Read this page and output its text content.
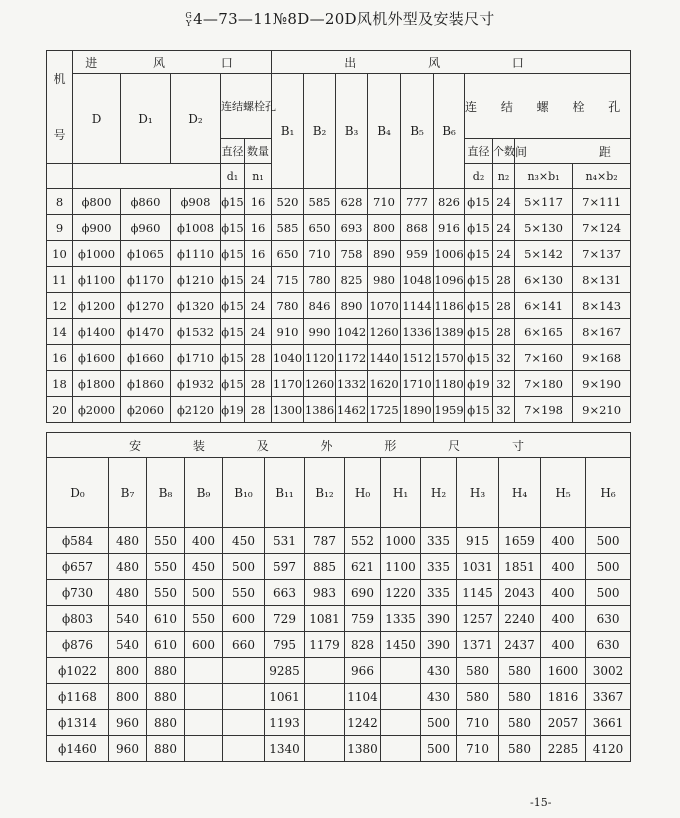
G
Y 4—73—11№8D—20D风机外型及安装尺寸
机
号	进 风 口					出 风 口									
	D	D₁	D₂	连结螺栓孔		B₁	B₂	B₃	B₄	B₅	B₆	连 结 螺 栓 孔			
				直径	数量							直径	个数	间 距	
				d₁	n₁							d₂	n₂	n₃×b₁	n₄×b₂
8	ϕ800	ϕ860	ϕ908	ϕ15	16	520	585	628	710	777	826	ϕ15	24	5×117	7×111
9	ϕ900	ϕ960	ϕ1008	ϕ15	16	585	650	693	800	868	916	ϕ15	24	5×130	7×124
10	ϕ1000	ϕ1065	ϕ1110	ϕ15	16	650	710	758	890	959	1006	ϕ15	24	5×142	7×137
11	ϕ1100	ϕ1170	ϕ1210	ϕ15	24	715	780	825	980	1048	1096	ϕ15	28	6×130	8×131
12	ϕ1200	ϕ1270	ϕ1320	ϕ15	24	780	846	890	1070	1144	1186	ϕ15	28	6×141	8×143
14	ϕ1400	ϕ1470	ϕ1532	ϕ15	24	910	990	1042	1260	1336	1389	ϕ15	28	6×165	8×167
16	ϕ1600	ϕ1660	ϕ1710	ϕ15	28	1040	1120	1172	1440	1512	1570	ϕ15	32	7×160	9×168
18	ϕ1800	ϕ1860	ϕ1932	ϕ15	28	1170	1260	1332	1620	1710	1180	ϕ19	32	7×180	9×190
20	ϕ2000	ϕ2060	ϕ2120	ϕ19	28	1300	1386	1462	1725	1890	1959	ϕ15	32	7×198	9×210
安 装 及 外 形 尺 寸													
D₀	B₇	B₈	B₉	B₁₀	B₁₁	B₁₂	H₀	H₁	H₂	H₃	H₄	H₅	H₆
ϕ584	480	550	400	450	531	787	552	1000	335	915	1659	400	500
ϕ657	480	550	450	500	597	885	621	1100	335	1031	1851	400	500
ϕ730	480	550	500	550	663	983	690	1220	335	1145	2043	400	500
ϕ803	540	610	550	600	729	1081	759	1335	390	1257	2240	400	630
ϕ876	540	610	600	660	795	1179	828	1450	390	1371	2437	400	630
ϕ1022	800	880			9285		966		430	580	580	1600	3002
ϕ1168	800	880			1061		1104		430	580	580	1816	3367
ϕ1314	960	880			1193		1242		500	710	580	2057	3661
ϕ1460	960	880			1340		1380		500	710	580	2285	4120
-15-
